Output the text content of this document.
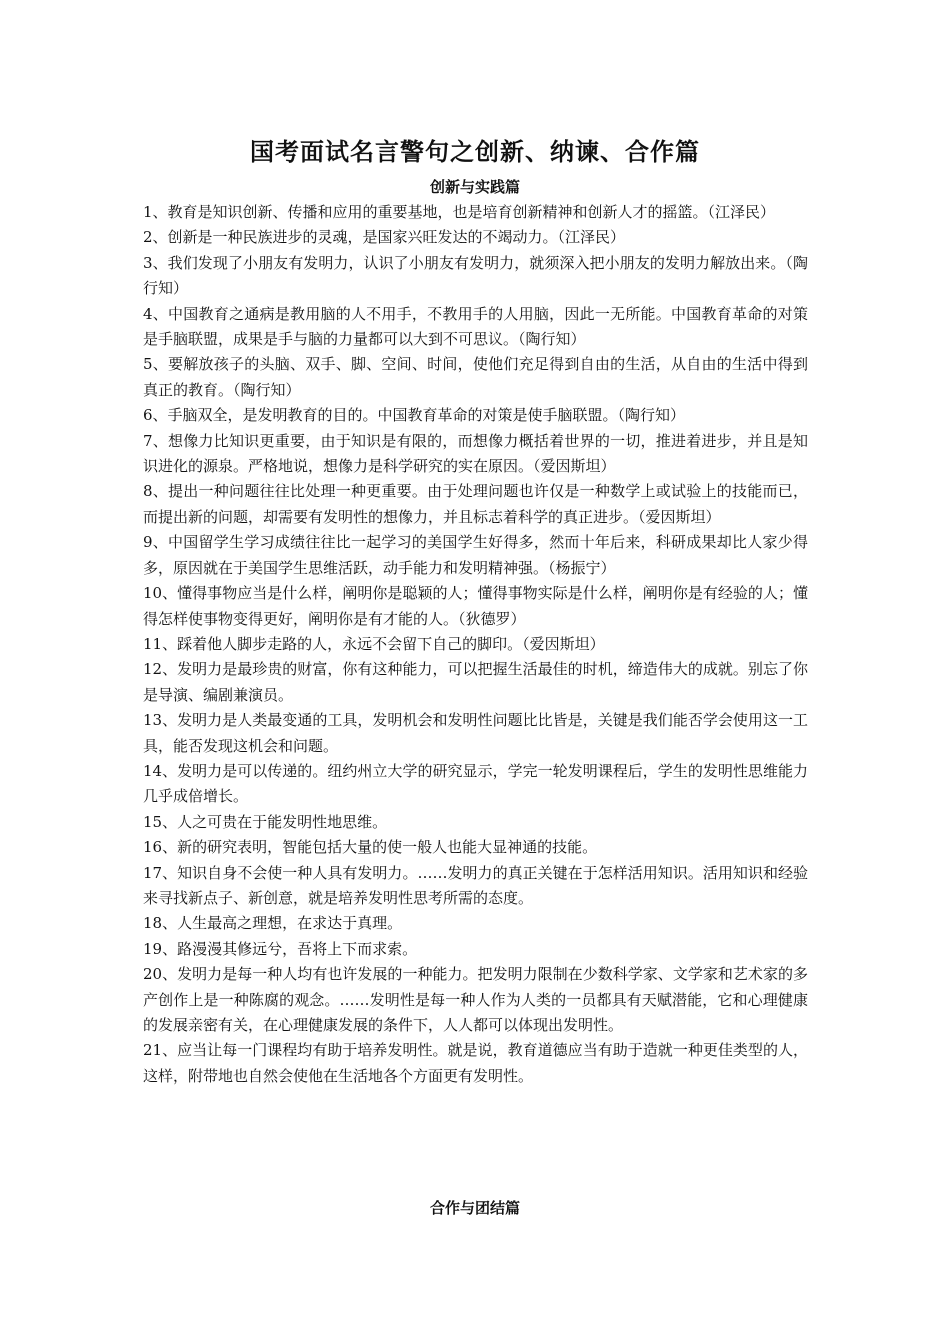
国考面试名言警句之创新、纳谏、合作篇
创新与实践篇
1、教育是知识创新、传播和应用的重要基地，也是培育创新精神和创新人才的摇篮。（江泽民）
2、创新是一种民族进步的灵魂，是国家兴旺发达的不竭动力。（江泽民）
3、我们发现了小朋友有发明力，认识了小朋友有发明力，就须深入把小朋友的发明力解放出来。（陶行知）
4、中国教育之通病是教用脑的人不用手，不教用手的人用脑，因此一无所能。中国教育革命的对策是手脑联盟，成果是手与脑的力量都可以大到不可思议。（陶行知）
5、要解放孩子的头脑、双手、脚、空间、时间，使他们充足得到自由的生活，从自由的生活中得到真正的教育。（陶行知）
6、手脑双全，是发明教育的目的。中国教育革命的对策是使手脑联盟。（陶行知）
7、想像力比知识更重要，由于知识是有限的，而想像力概括着世界的一切，推进着进步，并且是知识进化的源泉。严格地说，想像力是科学研究的实在原因。（爱因斯坦）
8、提出一种问题往往比处理一种更重要。由于处理问题也许仅是一种数学上或试验上的技能而已，而提出新的问题，却需要有发明性的想像力，并且标志着科学的真正进步。（爱因斯坦）
9、中国留学生学习成绩往往比一起学习的美国学生好得多，然而十年后来，科研成果却比人家少得多，原因就在于美国学生思维活跃，动手能力和发明精神强。（杨振宁）
10、懂得事物应当是什么样，阐明你是聪颖的人；懂得事物实际是什么样，阐明你是有经验的人；懂得怎样使事物变得更好，阐明你是有才能的人。（狄德罗）
11、踩着他人脚步走路的人，永远不会留下自己的脚印。（爱因斯坦）
12、发明力是最珍贵的财富，你有这种能力，可以把握生活最佳的时机，缔造伟大的成就。别忘了你是导演、编剧兼演员。
13、发明力是人类最变通的工具，发明机会和发明性问题比比皆是，关键是我们能否学会使用这一工具，能否发现这机会和问题。
14、发明力是可以传递的。纽约州立大学的研究显示，学完一轮发明课程后，学生的发明性思维能力几乎成倍增长。
15、人之可贵在于能发明性地思维。
16、新的研究表明，智能包括大量的使一般人也能大显神通的技能。
17、知识自身不会使一种人具有发明力。……发明力的真正关键在于怎样活用知识。活用知识和经验来寻找新点子、新创意，就是培养发明性思考所需的态度。
18、人生最高之理想，在求达于真理。
19、路漫漫其修远兮，吾将上下而求索。
20、发明力是每一种人均有也许发展的一种能力。把发明力限制在少数科学家、文学家和艺术家的多产创作上是一种陈腐的观念。……发明性是每一种人作为人类的一员都具有天赋潜能，它和心理健康的发展亲密有关，在心理健康发展的条件下，人人都可以体现出发明性。
21、应当让每一门课程均有助于培养发明性。就是说，教育道德应当有助于造就一种更佳类型的人，这样，附带地也自然会使他在生活地各个方面更有发明性。
合作与团结篇
